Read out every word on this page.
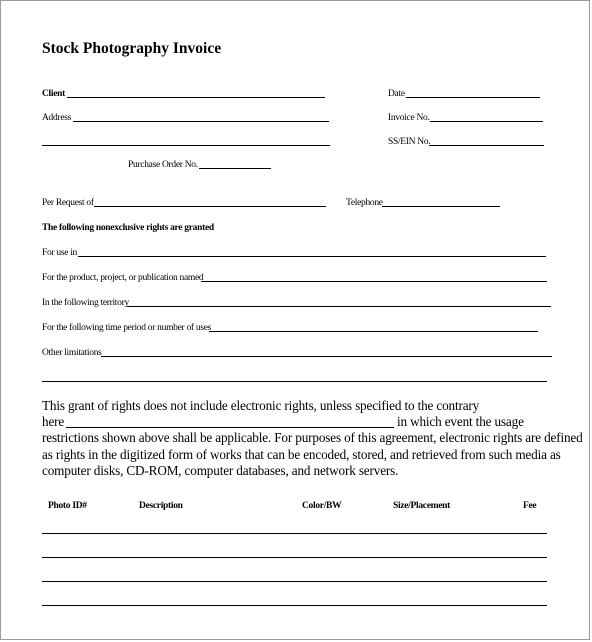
Stock Photography Invoice
Client	Date
Address	Invoice No.
SS/EIN No.
Purchase Order No.
Per Request of	Telephone
The following nonexclusive rights are granted
For use in
For the product, project, or publication named
In the following territory
For the following time period or number of uses
Other limitations
This grant of rights does not include electronic rights, unless specified to the contrary
here	in which event the usage
restrictions shown above shall be applicable. For purposes of this agreement, electronic rights are defined
as rights in the digitized form of works that can be encoded, stored, and retrieved from such media as
computer disks, CD-ROM, computer databases, and network servers.
Photo ID#	Description	Color/BW	Size/Placement	Fee
